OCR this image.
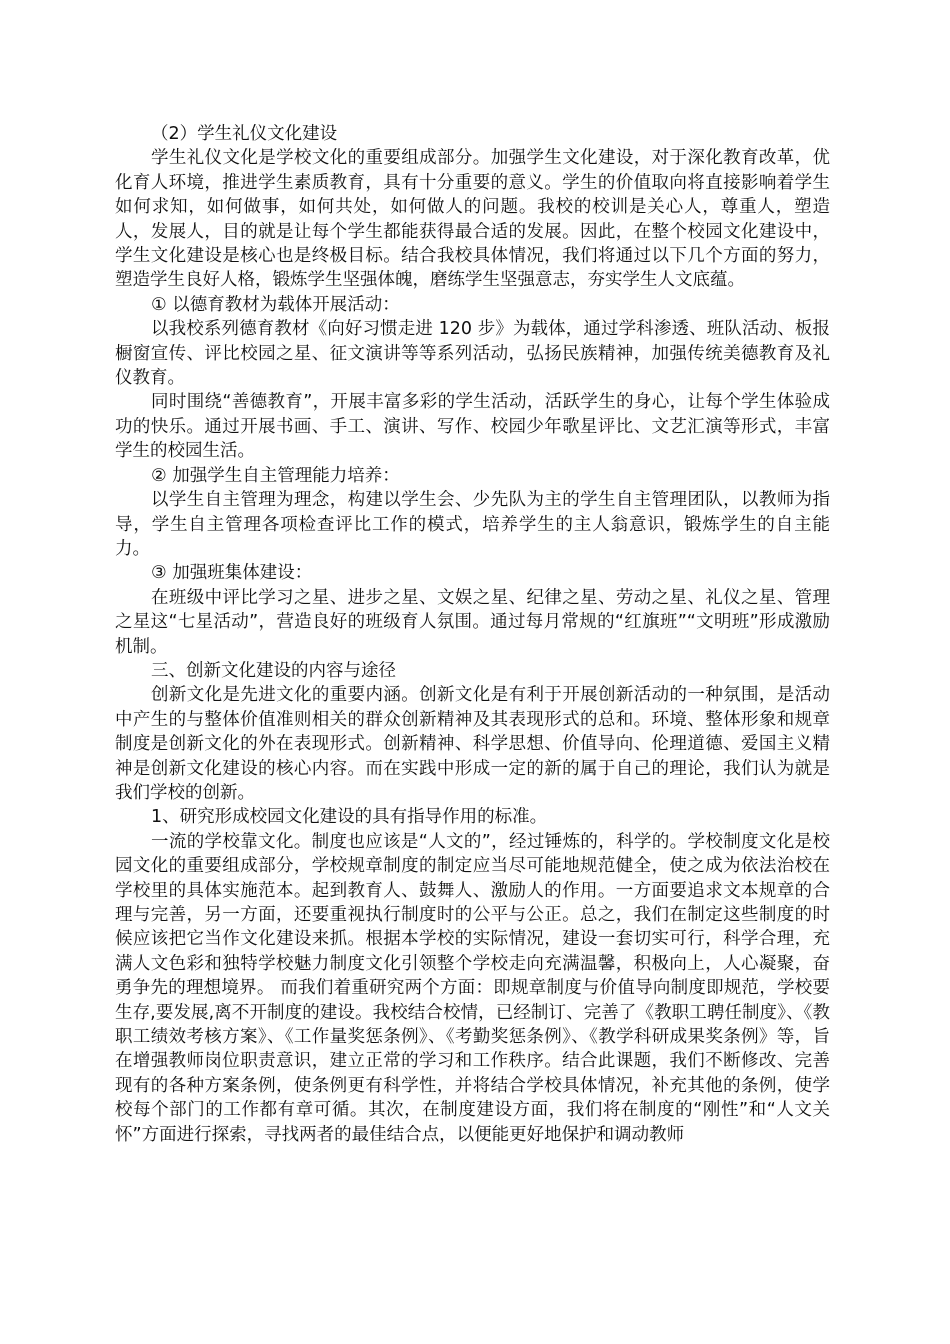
（2）学生礼仪文化建设

学生礼仪文化是学校文化的重要组成部分。加强学生文化建设，对于深化教育改革，优化育人环境，推进学生素质教育，具有十分重要的意义。学生的价值取向将直接影响着学生如何求知，如何做事，如何共处，如何做人的问题。我校的校训是关心人，尊重人，塑造人，发展人，目的就是让每个学生都能获得最合适的发展。因此，在整个校园文化建设中，学生文化建设是核心也是终极目标。结合我校具体情况，我们将通过以下几个方面的努力，塑造学生良好人格，锻炼学生坚强体魄，磨练学生坚强意志，夯实学生人文底蕴。

① 以德育教材为载体开展活动：

以我校系列德育教材《向好习惯走进 120 步》为载体，通过学科渗透、班队活动、板报橱窗宣传、评比校园之星、征文演讲等等系列活动，弘扬民族精神，加强传统美德教育及礼仪教育。

同时围绕“善德教育”，开展丰富多彩的学生活动，活跃学生的身心，让每个学生体验成功的快乐。通过开展书画、手工、演讲、写作、校园少年歌星评比、文艺汇演等形式，丰富学生的校园生活。

② 加强学生自主管理能力培养：

以学生自主管理为理念，构建以学生会、少先队为主的学生自主管理团队，以教师为指导，学生自主管理各项检查评比工作的模式，培养学生的主人翁意识，锻炼学生的自主能力。

③ 加强班集体建设：

在班级中评比学习之星、进步之星、文娱之星、纪律之星、劳动之星、礼仪之星、管理之星这“七星活动”，营造良好的班级育人氛围。通过每月常规的“红旗班”“文明班”形成激励机制。

三、创新文化建设的内容与途径

创新文化是先进文化的重要内涵。创新文化是有利于开展创新活动的一种氛围，是活动中产生的与整体价值准则相关的群众创新精神及其表现形式的总和。环境、整体形象和规章制度是创新文化的外在表现形式。创新精神、科学思想、价值导向、伦理道德、爱国主义精神是创新文化建设的核心内容。而在实践中形成一定的新的属于自己的理论，我们认为就是我们学校的创新。

1、研究形成校园文化建设的具有指导作用的标准。

一流的学校靠文化。制度也应该是“人文的”，经过锤炼的，科学的。学校制度文化是校园文化的重要组成部分，学校规章制度的制定应当尽可能地规范健全，使之成为依法治校在学校里的具体实施范本。起到教育人、鼓舞人、激励人的作用。一方面要追求文本规章的合理与完善，另一方面，还要重视执行制度时的公平与公正。总之，我们在制定这些制度的时候应该把它当作文化建设来抓。根据本学校的实际情况，建设一套切实可行，科学合理，充满人文色彩和独特学校魅力制度文化引领整个学校走向充满温馨，积极向上，人心凝聚，奋勇争先的理想境界。 而我们着重研究两个方面：即规章制度与价值导向制度即规范，学校要生存,要发展,离不开制度的建设。我校结合校情，已经制订、完善了《教职工聘任制度》、《教职工绩效考核方案》、《工作量奖惩条例》、《考勤奖惩条例》、《教学科研成果奖条例》等，旨在增强教师岗位职责意识，建立正常的学习和工作秩序。结合此课题，我们不断修改、完善现有的各种方案条例，使条例更有科学性，并将结合学校具体情况，补充其他的条例，使学校每个部门的工作都有章可循。其次，在制度建设方面，我们将在制度的“刚性”和“人文关怀”方面进行探索，寻找两者的最佳结合点，以便能更好地保护和调动教师
